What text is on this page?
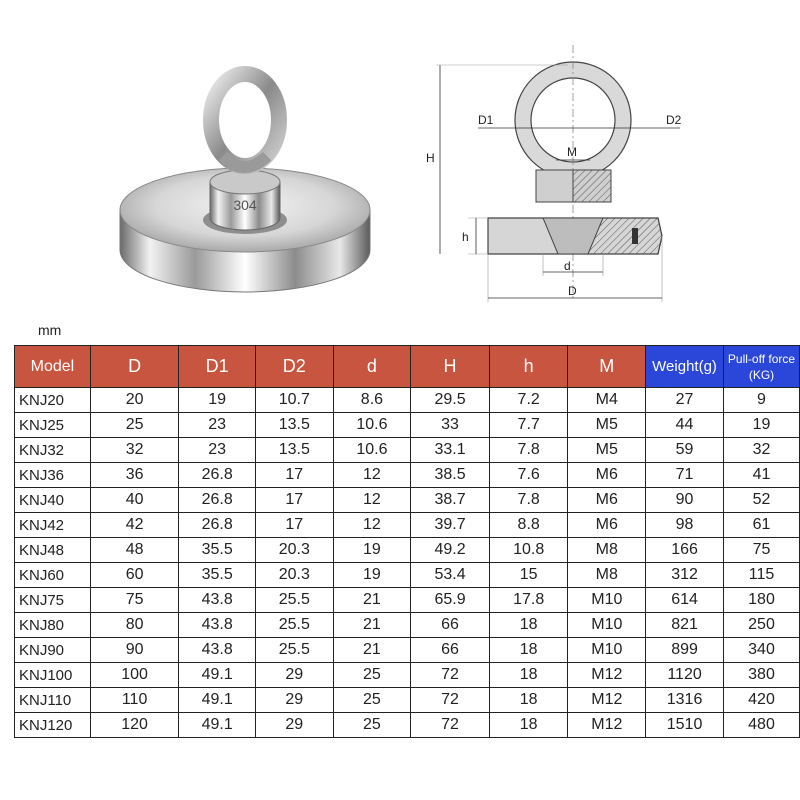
304
D1	D2
M
H
h
d
D
mm
Model	D	D1	D2	d	H	h	M	Weight(g)	Pull-off force
(KG)

KNJ20	20	19	10.7	8.6	29.5	7.2	M4	27	9
KNJ25	25	23	13.5	10.6	33	7.7	M5	44	19
KNJ32	32	23	13.5	10.6	33.1	7.8	M5	59	32
KNJ36	36	26.8	17	12	38.5	7.6	M6	71	41
KNJ40	40	26.8	17	12	38.7	7.8	M6	90	52
KNJ42	42	26.8	17	12	39.7	8.8	M6	98	61
KNJ48	48	35.5	20.3	19	49.2	10.8	M8	166	75
KNJ60	60	35.5	20.3	19	53.4	15	M8	312	115
KNJ75	75	43.8	25.5	21	65.9	17.8	M10	614	180
KNJ80	80	43.8	25.5	21	66	18	M10	821	250
KNJ90	90	43.8	25.5	21	66	18	M10	899	340
KNJ100	100	49.1	29	25	72	18	M12	1120	380
KNJ110	110	49.1	29	25	72	18	M12	1316	420
KNJ120	120	49.1	29	25	72	18	M12	1510	480
